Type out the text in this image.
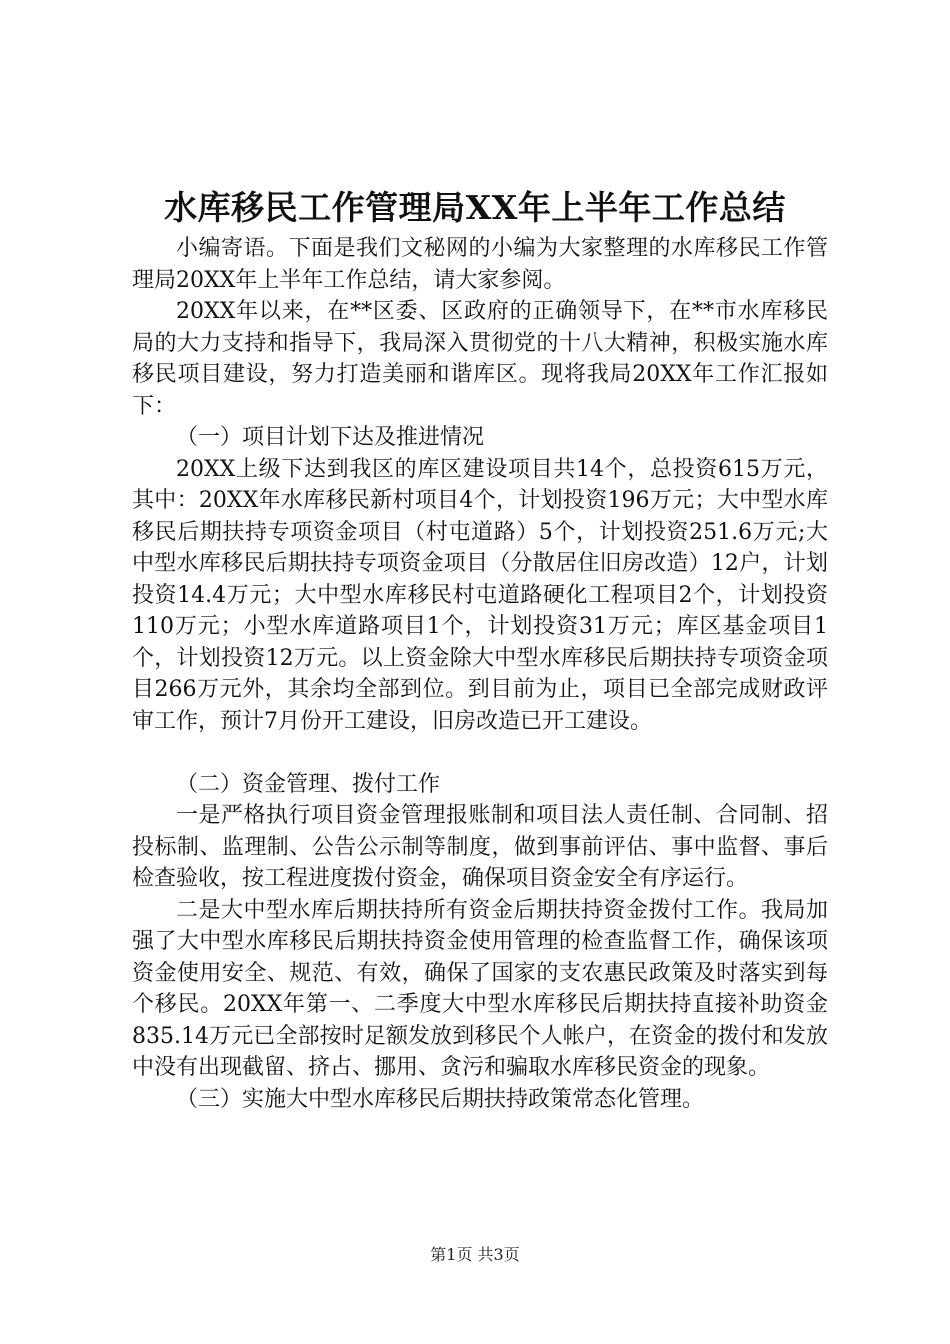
水库移民工作管理局XX年上半年工作总结

小编寄语。下面是我们文秘网的小编为大家整理的水库移民工作管理局20XX年上半年工作总结，请大家参阅。

20XX年以来，在**区委、区政府的正确领导下，在**市水库移民局的大力支持和指导下，我局深入贯彻党的十八大精神，积极实施水库移民项目建设，努力打造美丽和谐库区。现将我局20XX年工作汇报如下：

（一）项目计划下达及推进情况

20XX上级下达到我区的库区建设项目共14个，总投资615万元，其中：20XX年水库移民新村项目4个，计划投资196万元；大中型水库移民后期扶持专项资金项目（村屯道路）5个，计划投资251.6万元;大中型水库移民后期扶持专项资金项目（分散居住旧房改造）12户，计划投资14.4万元；大中型水库移民村屯道路硬化工程项目2个，计划投资110万元；小型水库道路项目1个，计划投资31万元；库区基金项目1个，计划投资12万元。以上资金除大中型水库移民后期扶持专项资金项目266万元外，其余均全部到位。到目前为止，项目已全部完成财政评审工作，预计7月份开工建设，旧房改造已开工建设。

（二）资金管理、拨付工作

一是严格执行项目资金管理报账制和项目法人责任制、合同制、招投标制、监理制、公告公示制等制度，做到事前评估、事中监督、事后检查验收，按工程进度拨付资金，确保项目资金安全有序运行。

二是大中型水库后期扶持所有资金后期扶持资金拨付工作。我局加强了大中型水库移民后期扶持资金使用管理的检查监督工作，确保该项资金使用安全、规范、有效，确保了国家的支农惠民政策及时落实到每个移民。20XX年第一、二季度大中型水库移民后期扶持直接补助资金835.14万元已全部按时足额发放到移民个人帐户，在资金的拨付和发放中没有出现截留、挤占、挪用、贪污和骗取水库移民资金的现象。

（三）实施大中型水库移民后期扶持政策常态化管理。

第1页 共3页
